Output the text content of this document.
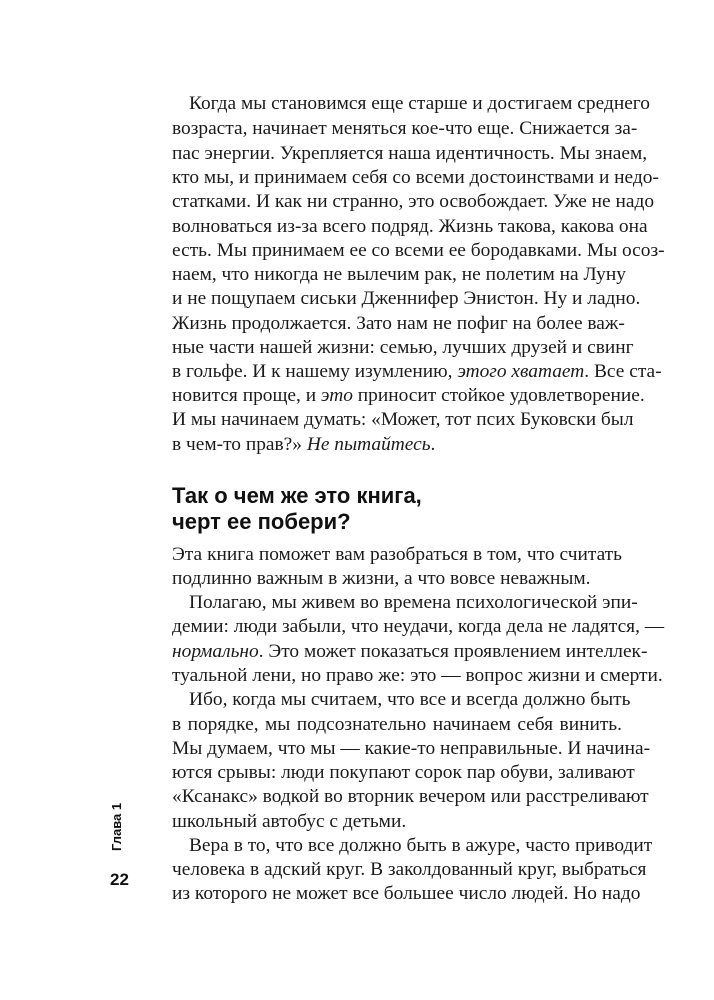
Когда мы становимся еще старше и достигаем среднего
возраста, начинает меняться кое-что еще. Снижается за-
пас энергии. Укрепляется наша идентичность. Мы знаем,
кто мы, и принимаем себя со всеми достоинствами и недо-
статками. И как ни странно, это освобождает. Уже не надо
волноваться из-за всего подряд. Жизнь такова, какова она
есть. Мы принимаем ее со всеми ее бородавками. Мы осоз-
наем, что никогда не вылечим рак, не полетим на Луну
и не пощупаем сиськи Дженнифер Энистон. Ну и ладно.
Жизнь продолжается. Зато нам не пофиг на более важ-
ные части нашей жизни: семью, лучших друзей и свинг
в гольфе. И к нашему изумлению, этого хватает. Все ста-
новится проще, и это приносит стойкое удовлетворение.
И мы начинаем думать: «Может, тот псих Буковски был
в чем-то прав?» Не пытайтесь.
Так о чем же это книга,
черт ее побери?
Эта книга поможет вам разобраться в том, что считать
подлинно важным в жизни, а что вовсе неважным.
Полагаю, мы живем во времена психологической эпи-
демии: люди забыли, что неудачи, когда дела не ладятся, —
нормально. Это может показаться проявлением интеллек-
туальной лени, но право же: это — вопрос жизни и смерти.
Ибо, когда мы считаем, что все и всегда должно быть
в порядке, мы подсознательно начинаем себя винить.
Мы думаем, что мы — какие-то неправильные. И начина-
ются срывы: люди покупают сорок пар обуви, заливают
«Ксанакс» водкой во вторник вечером или расстреливают
школьный автобус с детьми.
Вера в то, что все должно быть в ажуре, часто приводит
человека в адский круг. В заколдованный круг, выбраться
из которого не может все большее число людей. Но надо
Глава 1
22
